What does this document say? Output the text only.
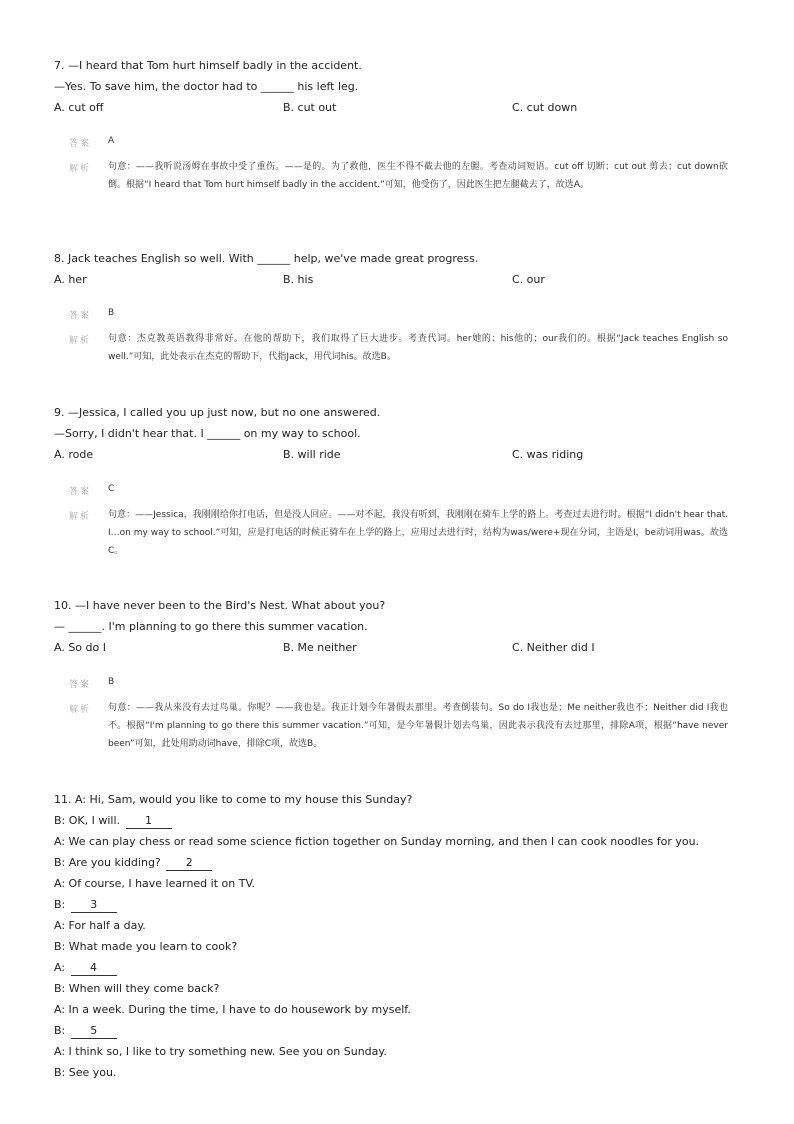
7. —I heard that Tom hurt himself badly in the accident.
—Yes. To save him, the doctor had to ______ his left leg.
A. cut off	B. cut out	C. cut down
答案 A
解析 句意：——我听说汤姆在事故中受了重伤。——是的。为了救他，医生不得不截去他的左腿。考查动词短语。cut off 切断；cut out 剪去；cut down砍倒。根据“I heard that Tom hurt himself badly in the accident.”可知，他受伤了，因此医生把左腿截去了，故选A。
8. Jack teaches English so well. With ______ help, we've made great progress.
A. her	B. his	C. our
答案 B
解析 句意：杰克教英语教得非常好。在他的帮助下，我们取得了巨大进步。考查代词。her她的；his他的；our我们的。根据“Jack teaches English so well.”可知，此处表示在杰克的帮助下，代指Jack，用代词his。故选B。
9. —Jessica, I called you up just now, but no one answered.
—Sorry, I didn't hear that. I ______ on my way to school.
A. rode	B. will ride	C. was riding
答案 C
解析 句意：——Jessica，我刚刚给你打电话，但是没人回应。——对不起，我没有听到，我刚刚在骑车上学的路上。考查过去进行时。根据“I didn't hear that. I…on my way to school.”可知，应是打电话的时候正骑车在上学的路上，应用过去进行时，结构为was/were+现在分词，主语是I，be动词用was。故选C。
10. —I have never been to the Bird's Nest. What about you?
— ______. I'm planning to go there this summer vacation.
A. So do I	B. Me neither	C. Neither did I
答案 B
解析 句意：——我从来没有去过鸟巢。你呢？——我也是。我正计划今年暑假去那里。考查倒装句。So do I我也是；Me neither我也不；Neither did I我也不。根据“I'm planning to go there this summer vacation.”可知，是今年暑假计划去鸟巢，因此表示我没有去过那里，排除A项，根据“have never been”可知，此处用助动词have，排除C项，故选B。
11. A: Hi, Sam, would you like to come to my house this Sunday?
B: OK, I will. 1
A: We can play chess or read some science fiction together on Sunday morning, and then I can cook noodles for you.
B: Are you kidding? 2
A: Of course, I have learned it on TV.
B: 3
A: For half a day.
B: What made you learn to cook?
A: 4
B: When will they come back?
A: In a week. During the time, I have to do housework by myself.
B: 5
A: I think so, I like to try something new. See you on Sunday.
B: See you.
